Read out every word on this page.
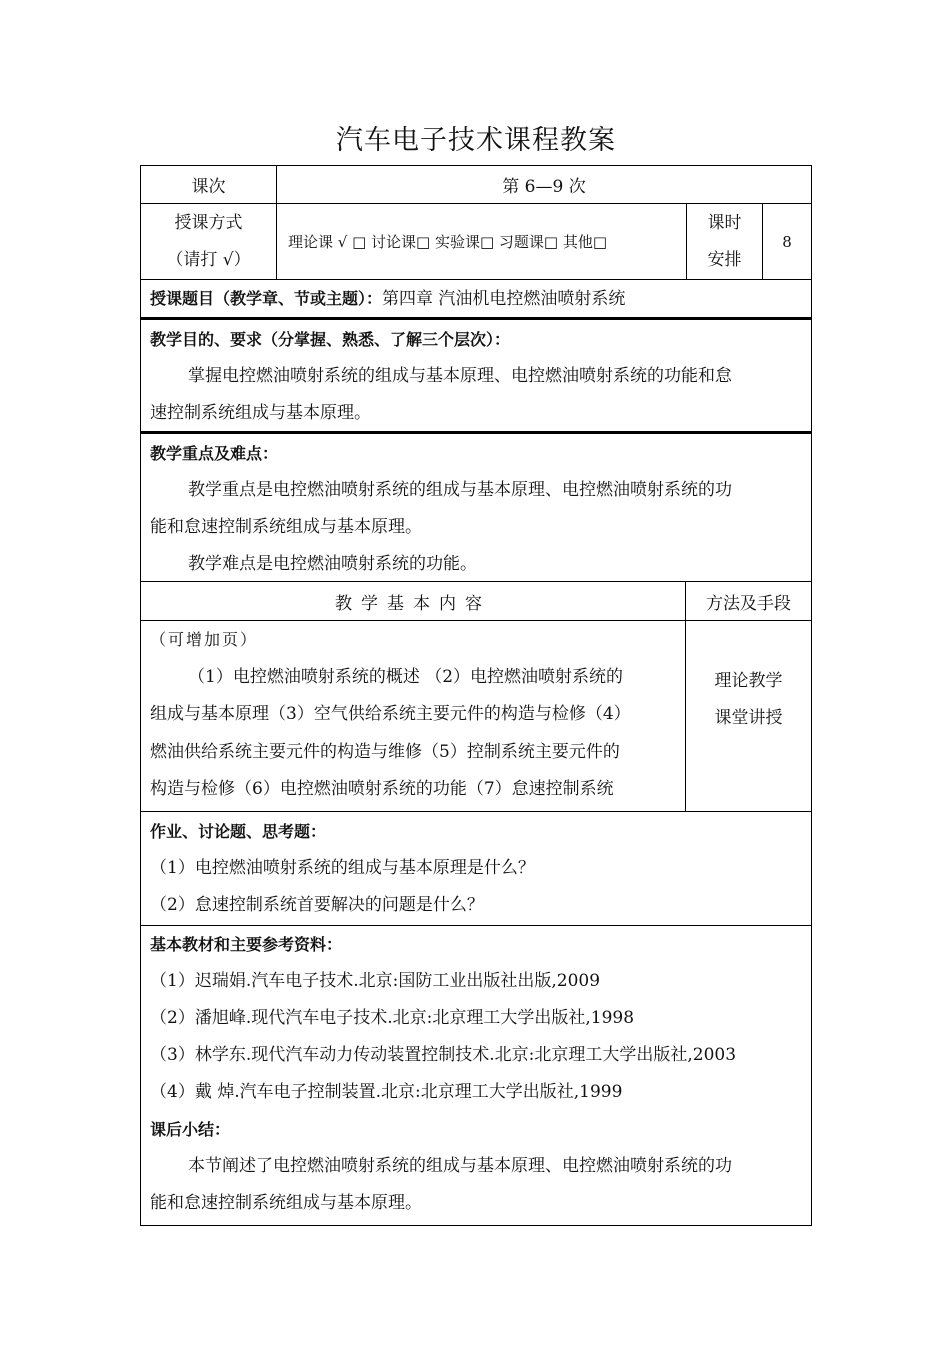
汽车电子技术课程教案
课次	第 6—9 次
授课方式
（请打 √）
理论课 √ □ 讨论课□ 实验课□ 习题课□ 其他□
课时
安排
8
授课题目（教学章、节或主题）：第四章 汽油机电控燃油喷射系统
教学目的、要求（分掌握、熟悉、了解三个层次）：
掌握电控燃油喷射系统的组成与基本原理、电控燃油喷射系统的功能和怠
速控制系统组成与基本原理。
教学重点及难点：
教学重点是电控燃油喷射系统的组成与基本原理、电控燃油喷射系统的功
能和怠速控制系统组成与基本原理。
教学难点是电控燃油喷射系统的功能。
教学基本内容	方法及手段
（可增加页）
（1）电控燃油喷射系统的概述 （2）电控燃油喷射系统的
组成与基本原理（3）空气供给系统主要元件的构造与检修（4）
燃油供给系统主要元件的构造与维修（5）控制系统主要元件的
构造与检修（6）电控燃油喷射系统的功能（7）怠速控制系统
理论教学
课堂讲授
作业、讨论题、思考题：
（1）电控燃油喷射系统的组成与基本原理是什么？
（2）怠速控制系统首要解决的问题是什么？
基本教材和主要参考资料：
（1）迟瑞娟.汽车电子技术.北京:国防工业出版社出版,2009
（2）潘旭峰.现代汽车电子技术.北京:北京理工大学出版社,1998
（3）林学东.现代汽车动力传动装置控制技术.北京:北京理工大学出版社,2003
（4）戴 焯.汽车电子控制装置.北京:北京理工大学出版社,1999
课后小结：
本节阐述了电控燃油喷射系统的组成与基本原理、电控燃油喷射系统的功
能和怠速控制系统组成与基本原理。
